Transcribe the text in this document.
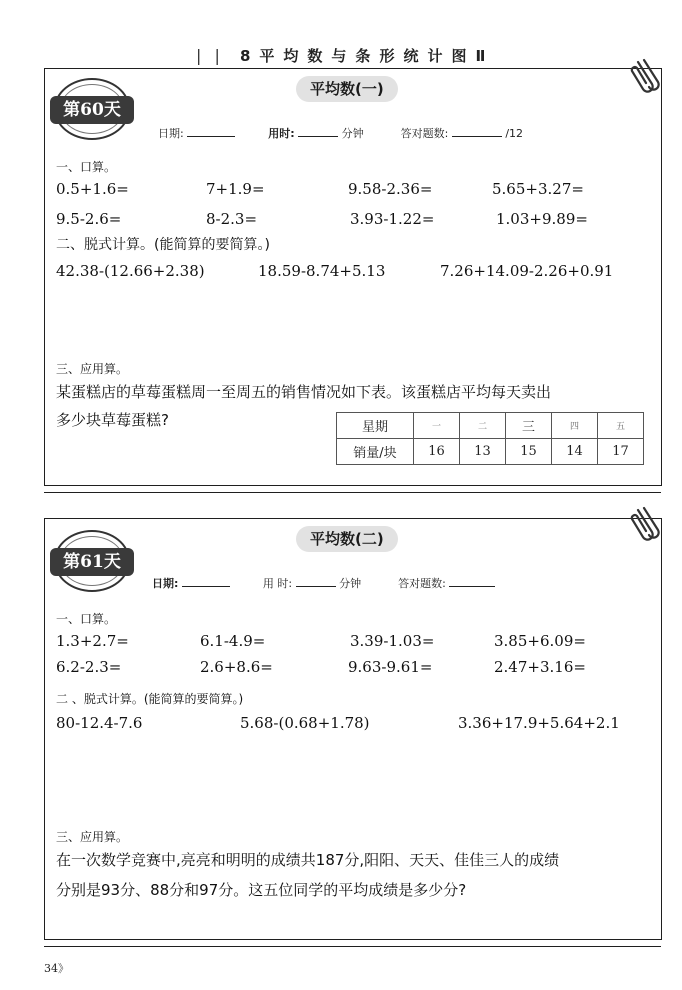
| | 8平均数与条形统计图Ⅱ
第60天
平均数(一)
日期:	用时:	分钟	答对题数:	/12
一、口算。
0.5+1.6=	7+1.9=	9.58-2.36=	5.65+3.27=
9.5-2.6=	8-2.3=	3.93-1.22=	1.03+9.89=
二、脱式计算。(能简算的要简算。)
42.38-(12.66+2.38)	18.59-8.74+5.13	7.26+14.09-2.26+0.91
三、应用算。
某蛋糕店的草莓蛋糕周一至周五的销售情况如下表。该蛋糕店平均每天卖出
多少块草莓蛋糕?	星期	一	二	三	四	五
销量/块	16	13	15	14	17
第61天
平均数(二)
日期:	用 时:	分钟	答对题数:
一、口算。
1.3+2.7=	6.1-4.9=	3.39-1.03=	3.85+6.09=
6.2-2.3=	2.6+8.6=	9.63-9.61=	2.47+3.16=
二 、脱式计算。(能简算的要简算。)
80-12.4-7.6	5.68-(0.68+1.78)	3.36+17.9+5.64+2.1
三、应用算。
在一次数学竞赛中,亮亮和明明的成绩共187分,阳阳、天天、佳佳三人的成绩
分别是93分、88分和97分。这五位同学的平均成绩是多少分?
34》
